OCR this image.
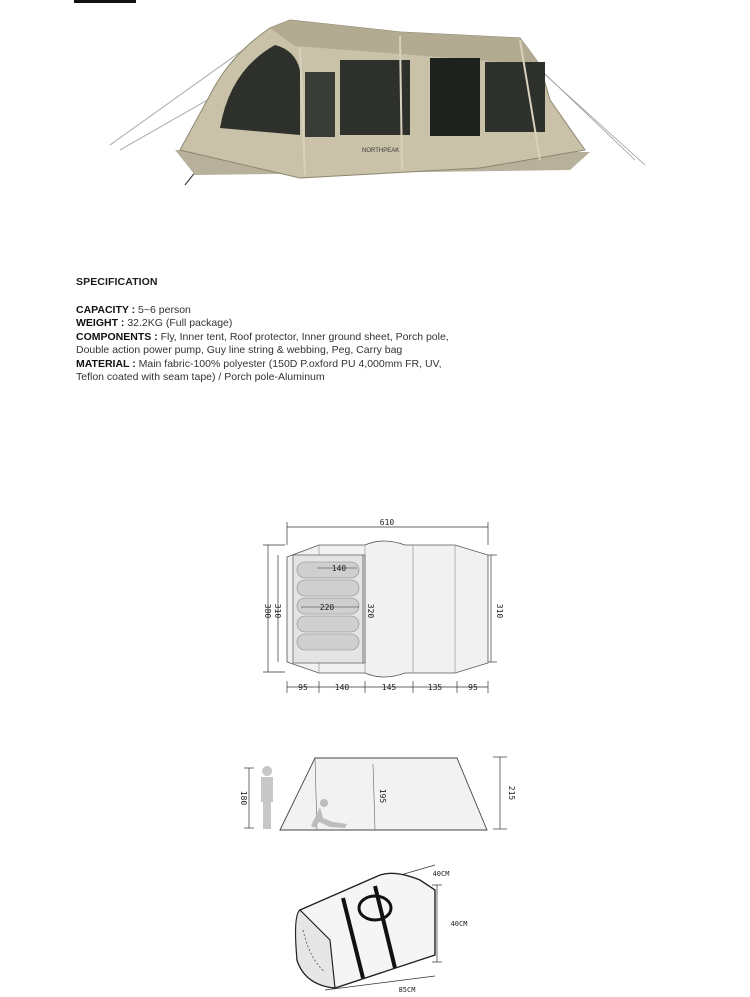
NORTHPEAK
SPECIFICATION
CAPACITY : 5~6 person
WEIGHT : 32.2KG (Full package)
COMPONENTS : Fly, Inner tent, Roof protector, Inner ground sheet, Porch pole,
Double action power pump, Guy line string & webbing, Peg, Carry bag
MATERIAL : Main fabric-100% polyester (150D P.oxford PU 4,000mm FR, UV,
Teflon coated with seam tape) / Porch pole-Aluminum
610
140
220
380 310	320	310
95	140	145	135	95
180	195	215
40CM
40CM
85CM
